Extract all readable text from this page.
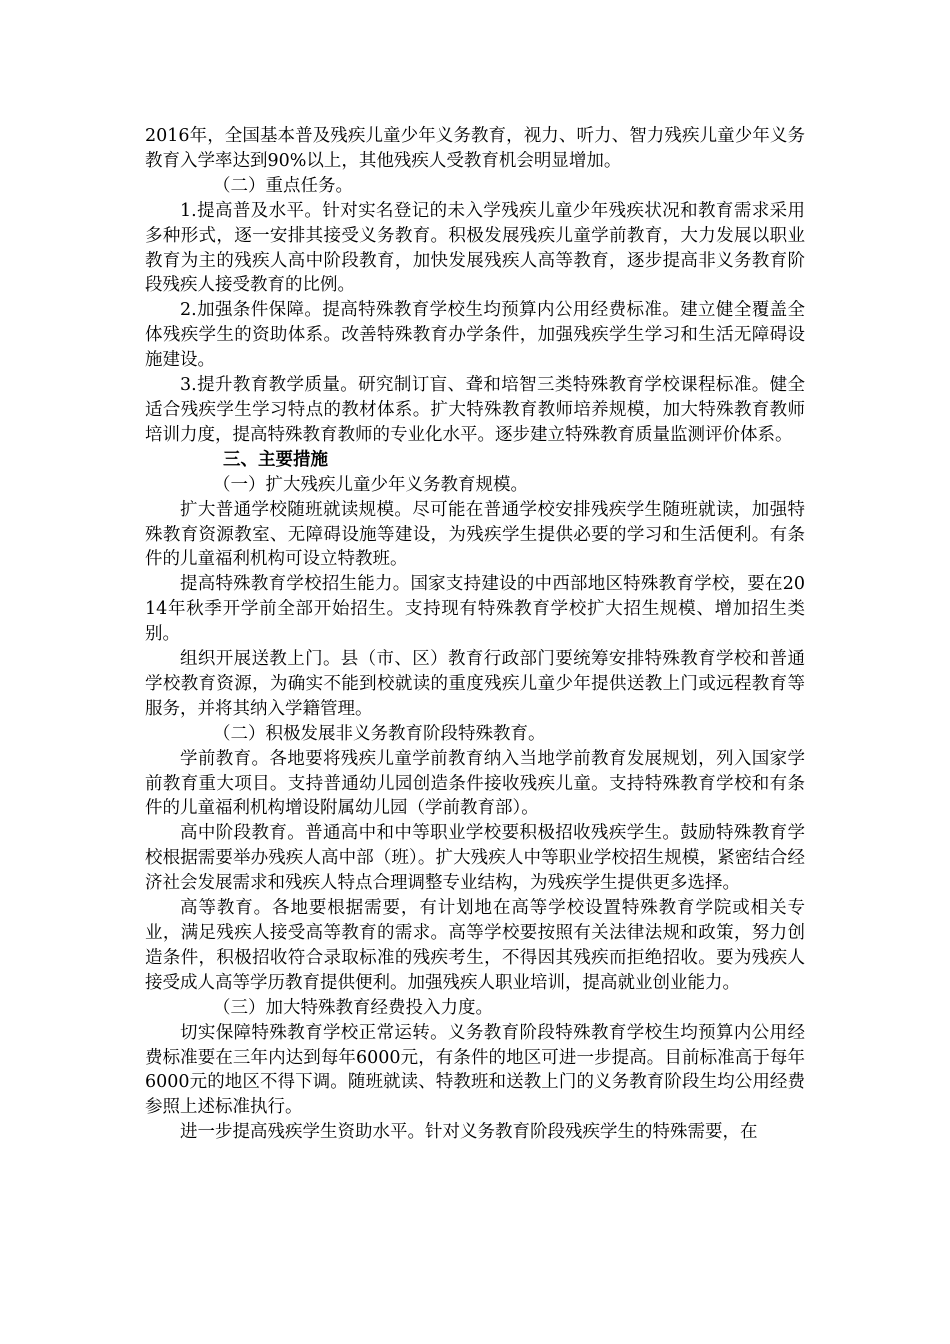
2016年，全国基本普及残疾儿童少年义务教育，视力、听力、智力残疾儿童少年义务教育入学率达到90%以上，其他残疾人受教育机会明显增加。

（二）重点任务。

1.提高普及水平。针对实名登记的未入学残疾儿童少年残疾状况和教育需求采用多种形式，逐一安排其接受义务教育。积极发展残疾儿童学前教育，大力发展以职业教育为主的残疾人高中阶段教育，加快发展残疾人高等教育，逐步提高非义务教育阶段残疾人接受教育的比例。

2.加强条件保障。提高特殊教育学校生均预算内公用经费标准。建立健全覆盖全体残疾学生的资助体系。改善特殊教育办学条件，加强残疾学生学习和生活无障碍设施建设。

3.提升教育教学质量。研究制订盲、聋和培智三类特殊教育学校课程标准。健全适合残疾学生学习特点的教材体系。扩大特殊教育教师培养规模，加大特殊教育教师培训力度，提高特殊教育教师的专业化水平。逐步建立特殊教育质量监测评价体系。

三、主要措施

（一）扩大残疾儿童少年义务教育规模。

扩大普通学校随班就读规模。尽可能在普通学校安排残疾学生随班就读，加强特殊教育资源教室、无障碍设施等建设，为残疾学生提供必要的学习和生活便利。有条件的儿童福利机构可设立特教班。

提高特殊教育学校招生能力。国家支持建设的中西部地区特殊教育学校，要在2014年秋季开学前全部开始招生。支持现有特殊教育学校扩大招生规模、增加招生类别。

组织开展送教上门。县（市、区）教育行政部门要统筹安排特殊教育学校和普通学校教育资源，为确实不能到校就读的重度残疾儿童少年提供送教上门或远程教育等服务，并将其纳入学籍管理。

（二）积极发展非义务教育阶段特殊教育。

学前教育。各地要将残疾儿童学前教育纳入当地学前教育发展规划，列入国家学前教育重大项目。支持普通幼儿园创造条件接收残疾儿童。支持特殊教育学校和有条件的儿童福利机构增设附属幼儿园（学前教育部）。

高中阶段教育。普通高中和中等职业学校要积极招收残疾学生。鼓励特殊教育学校根据需要举办残疾人高中部（班）。扩大残疾人中等职业学校招生规模，紧密结合经济社会发展需求和残疾人特点合理调整专业结构，为残疾学生提供更多选择。

高等教育。各地要根据需要，有计划地在高等学校设置特殊教育学院或相关专业，满足残疾人接受高等教育的需求。高等学校要按照有关法律法规和政策，努力创造条件，积极招收符合录取标准的残疾考生，不得因其残疾而拒绝招收。要为残疾人接受成人高等学历教育提供便利。加强残疾人职业培训，提高就业创业能力。

（三）加大特殊教育经费投入力度。

切实保障特殊教育学校正常运转。义务教育阶段特殊教育学校生均预算内公用经费标准要在三年内达到每年6000元，有条件的地区可进一步提高。目前标准高于每年6000元的地区不得下调。随班就读、特教班和送教上门的义务教育阶段生均公用经费参照上述标准执行。

进一步提高残疾学生资助水平。针对义务教育阶段残疾学生的特殊需要，在
